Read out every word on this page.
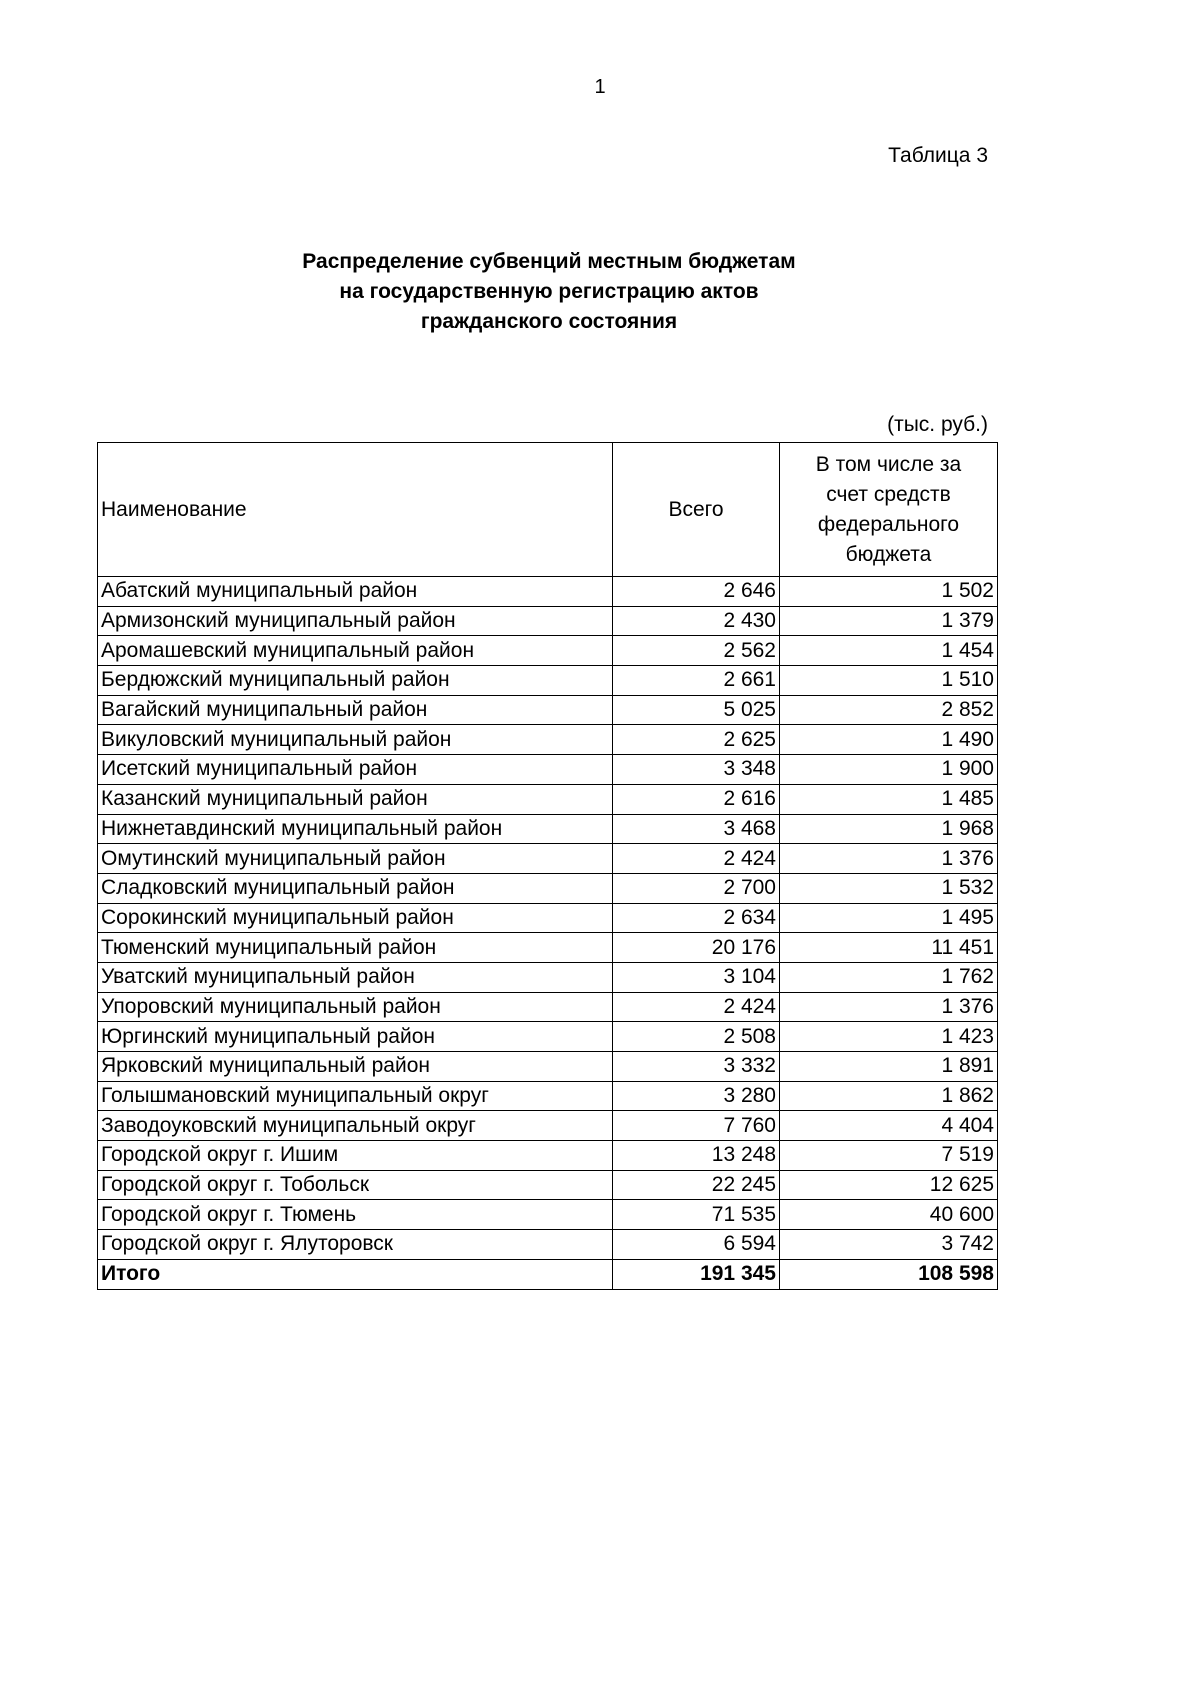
1
Таблица 3
Распределение субвенций местным бюджетам
на государственную регистрацию актов
гражданского состояния
(тыс. руб.)
Наименование	Всего	В том числе за
счет средств
федерального
бюджета

Абатский муниципальный район	2 646	1 502
Армизонский муниципальный район	2 430	1 379
Аромашевский муниципальный район	2 562	1 454
Бердюжский муниципальный район	2 661	1 510
Вагайский муниципальный район	5 025	2 852
Викуловский муниципальный район	2 625	1 490
Исетский муниципальный район	3 348	1 900
Казанский муниципальный район	2 616	1 485
Нижнетавдинский муниципальный район	3 468	1 968
Омутинский муниципальный район	2 424	1 376
Сладковский муниципальный район	2 700	1 532
Сорокинский муниципальный район	2 634	1 495
Тюменский муниципальный район	20 176	11 451
Уватский муниципальный район	3 104	1 762
Упоровский муниципальный район	2 424	1 376
Юргинский муниципальный район	2 508	1 423
Ярковский муниципальный район	3 332	1 891
Голышмановский муниципальный округ	3 280	1 862
Заводоуковский муниципальный округ	7 760	4 404
Городской округ г. Ишим	13 248	7 519
Городской округ г. Тобольск	22 245	12 625
Городской округ г. Тюмень	71 535	40 600
Городской округ г. Ялуторовск	6 594	3 742
Итого	191 345	108 598
